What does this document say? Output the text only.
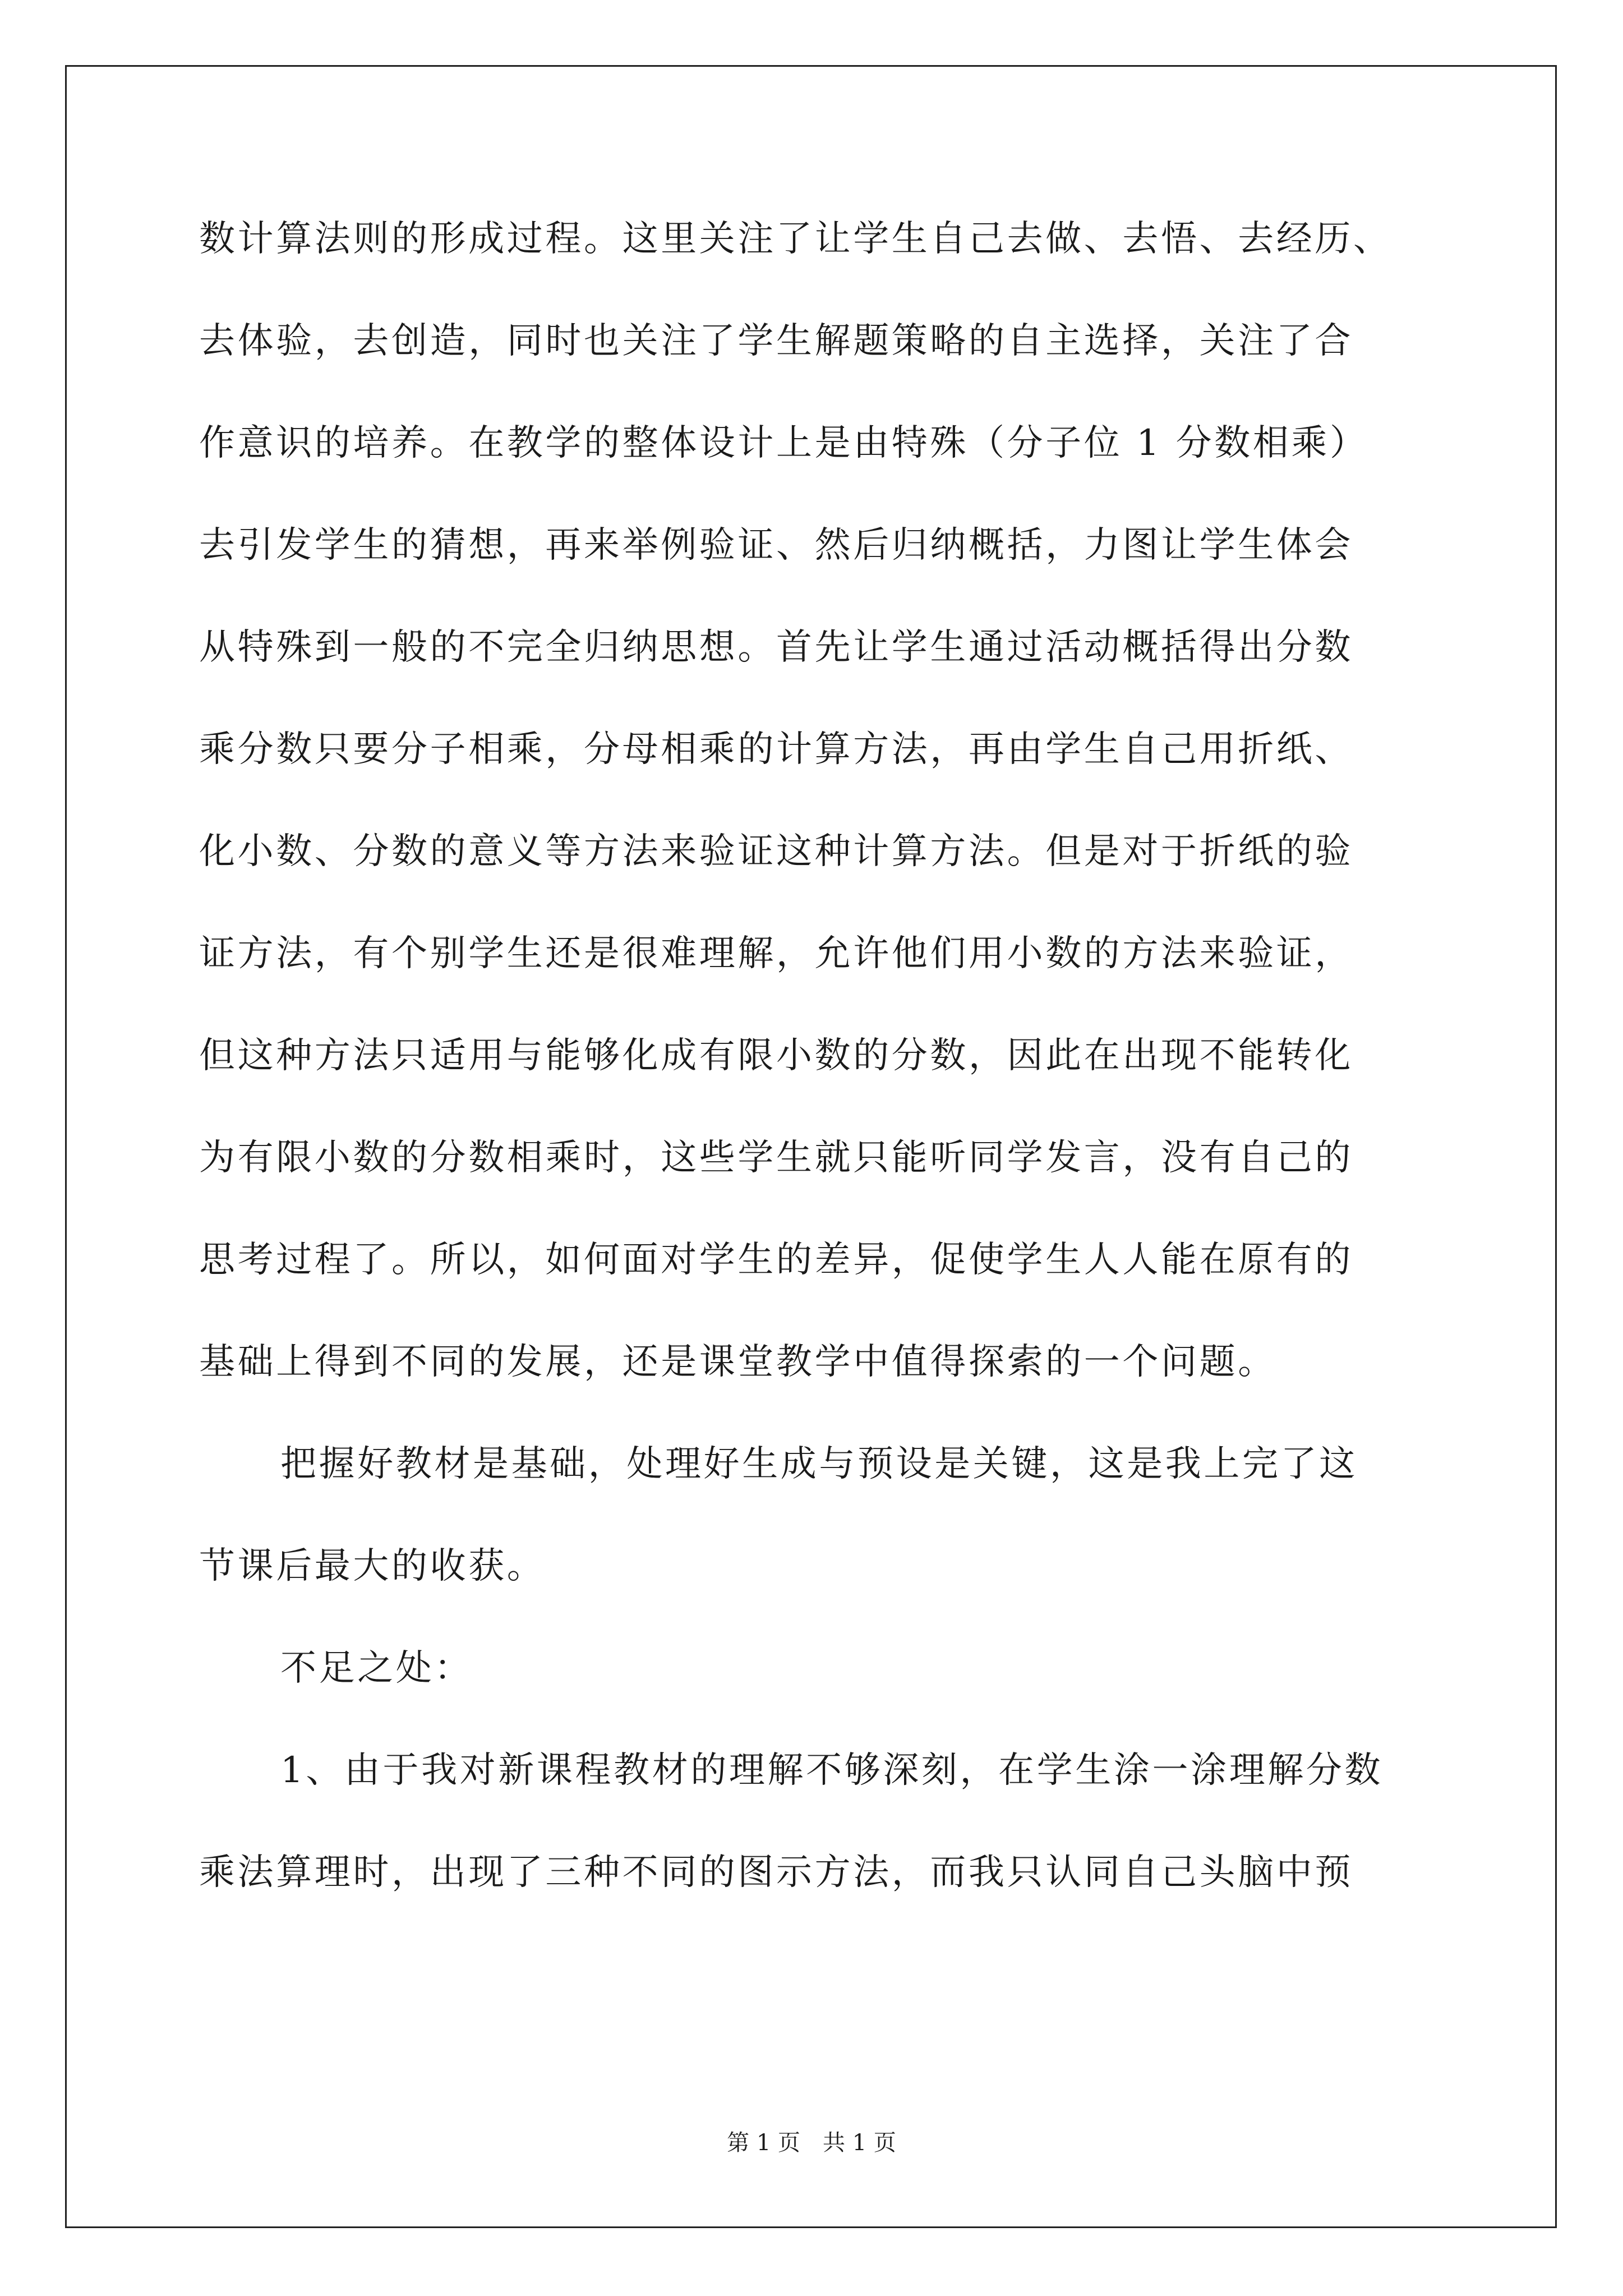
数计算法则的形成过程。这里关注了让学生自己去做、去悟、去经历、
去体验，去创造，同时也关注了学生解题策略的自主选择，关注了合
作意识的培养。在教学的整体设计上是由特殊（分子位 1 分数相乘）
去引发学生的猜想，再来举例验证、然后归纳概括，力图让学生体会
从特殊到一般的不完全归纳思想。首先让学生通过活动概括得出分数
乘分数只要分子相乘，分母相乘的计算方法，再由学生自己用折纸、
化小数、分数的意义等方法来验证这种计算方法。但是对于折纸的验
证方法，有个别学生还是很难理解，允许他们用小数的方法来验证，
但这种方法只适用与能够化成有限小数的分数，因此在出现不能转化
为有限小数的分数相乘时，这些学生就只能听同学发言，没有自己的
思考过程了。所以，如何面对学生的差异，促使学生人人能在原有的
基础上得到不同的发展，还是课堂教学中值得探索的一个问题。
把握好教材是基础，处理好生成与预设是关键，这是我上完了这
节课后最大的收获。
不足之处：
1、由于我对新课程教材的理解不够深刻，在学生涂一涂理解分数
乘法算理时，出现了三种不同的图示方法，而我只认同自己头脑中预
第 1 页　共 1 页
